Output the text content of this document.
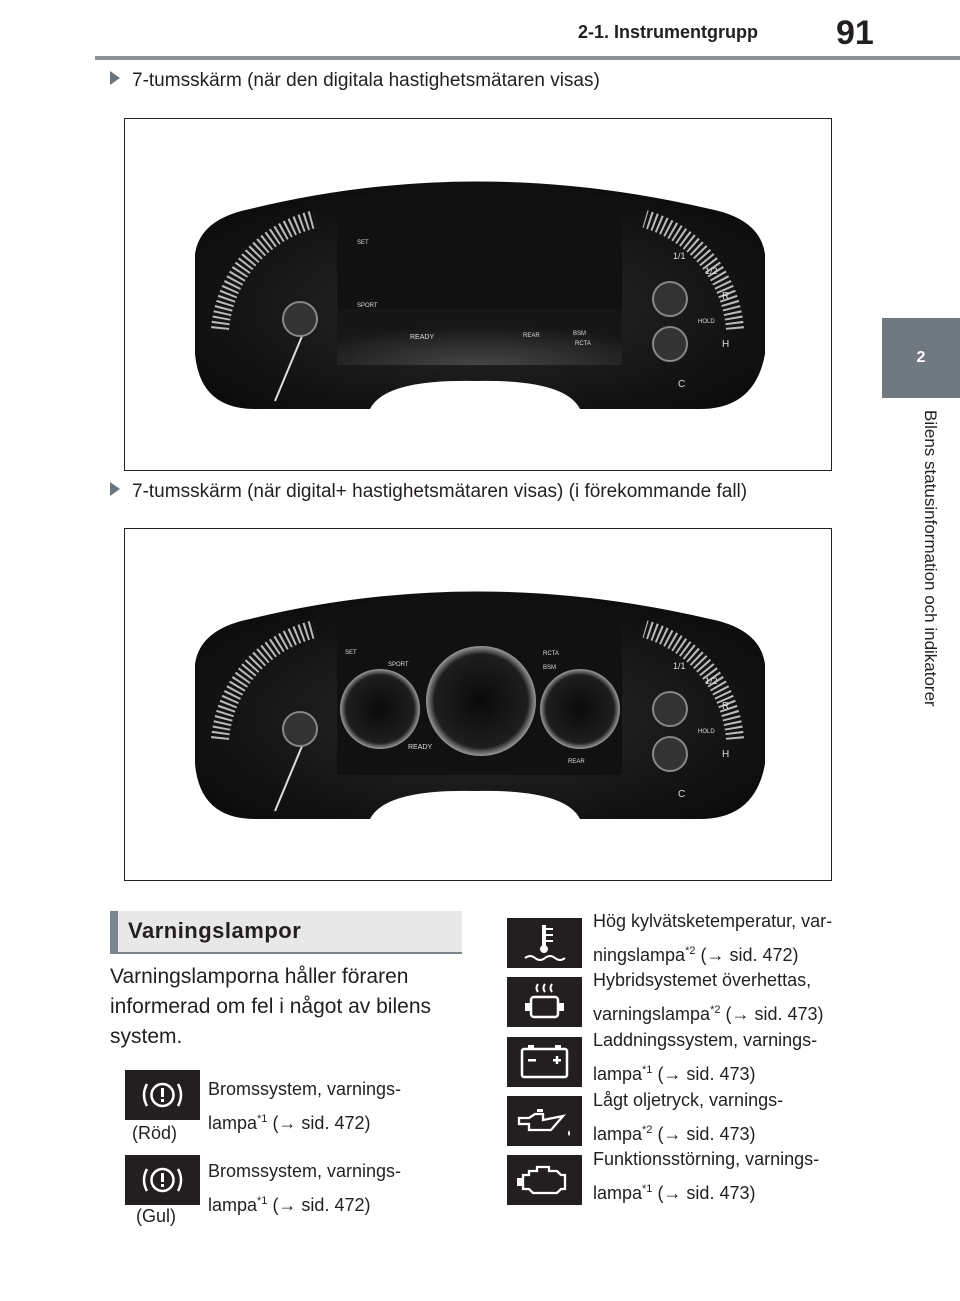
2-1. Instrumentgrupp 91
2
Bilens statusinformation och indikatorer
7-tumsskärm (när den digitala hastighetsmätaren visas)
READY
SPORT
SET
REAR	BSM
RCTA
HOLD
1/1
1/2
R
H
C
7-tumsskärm (när digital+ hastighetsmätaren visas) (i förekommande fall)
READY
SPORT
SET
REAR
BSM
RCTA
HOLD
1/1
1/2
R
H
C
Varningslampor
Varningslamporna håller föraren informerad om fel i något av bilens system.
(Röd)
Bromssystem, varnings-
lampa$^{*1}$ (→ sid. 472)
(Gul)
Bromssystem, varnings-
lampa$^{*1}$ (→ sid. 472)
Hög kylvätsketemperatur, var-
ningslampa$^{*2}$ (→ sid. 472)
Hybridsystemet överhettas,
varningslampa$^{*2}$ (→ sid. 473)
Laddningssystem, varnings-
lampa$^{*1}$ (→ sid. 473)
Lågt oljetryck, varnings-
lampa$^{*2}$ (→ sid. 473)
Funktionsstörning, varnings-
lampa$^{*1}$ (→ sid. 473)
